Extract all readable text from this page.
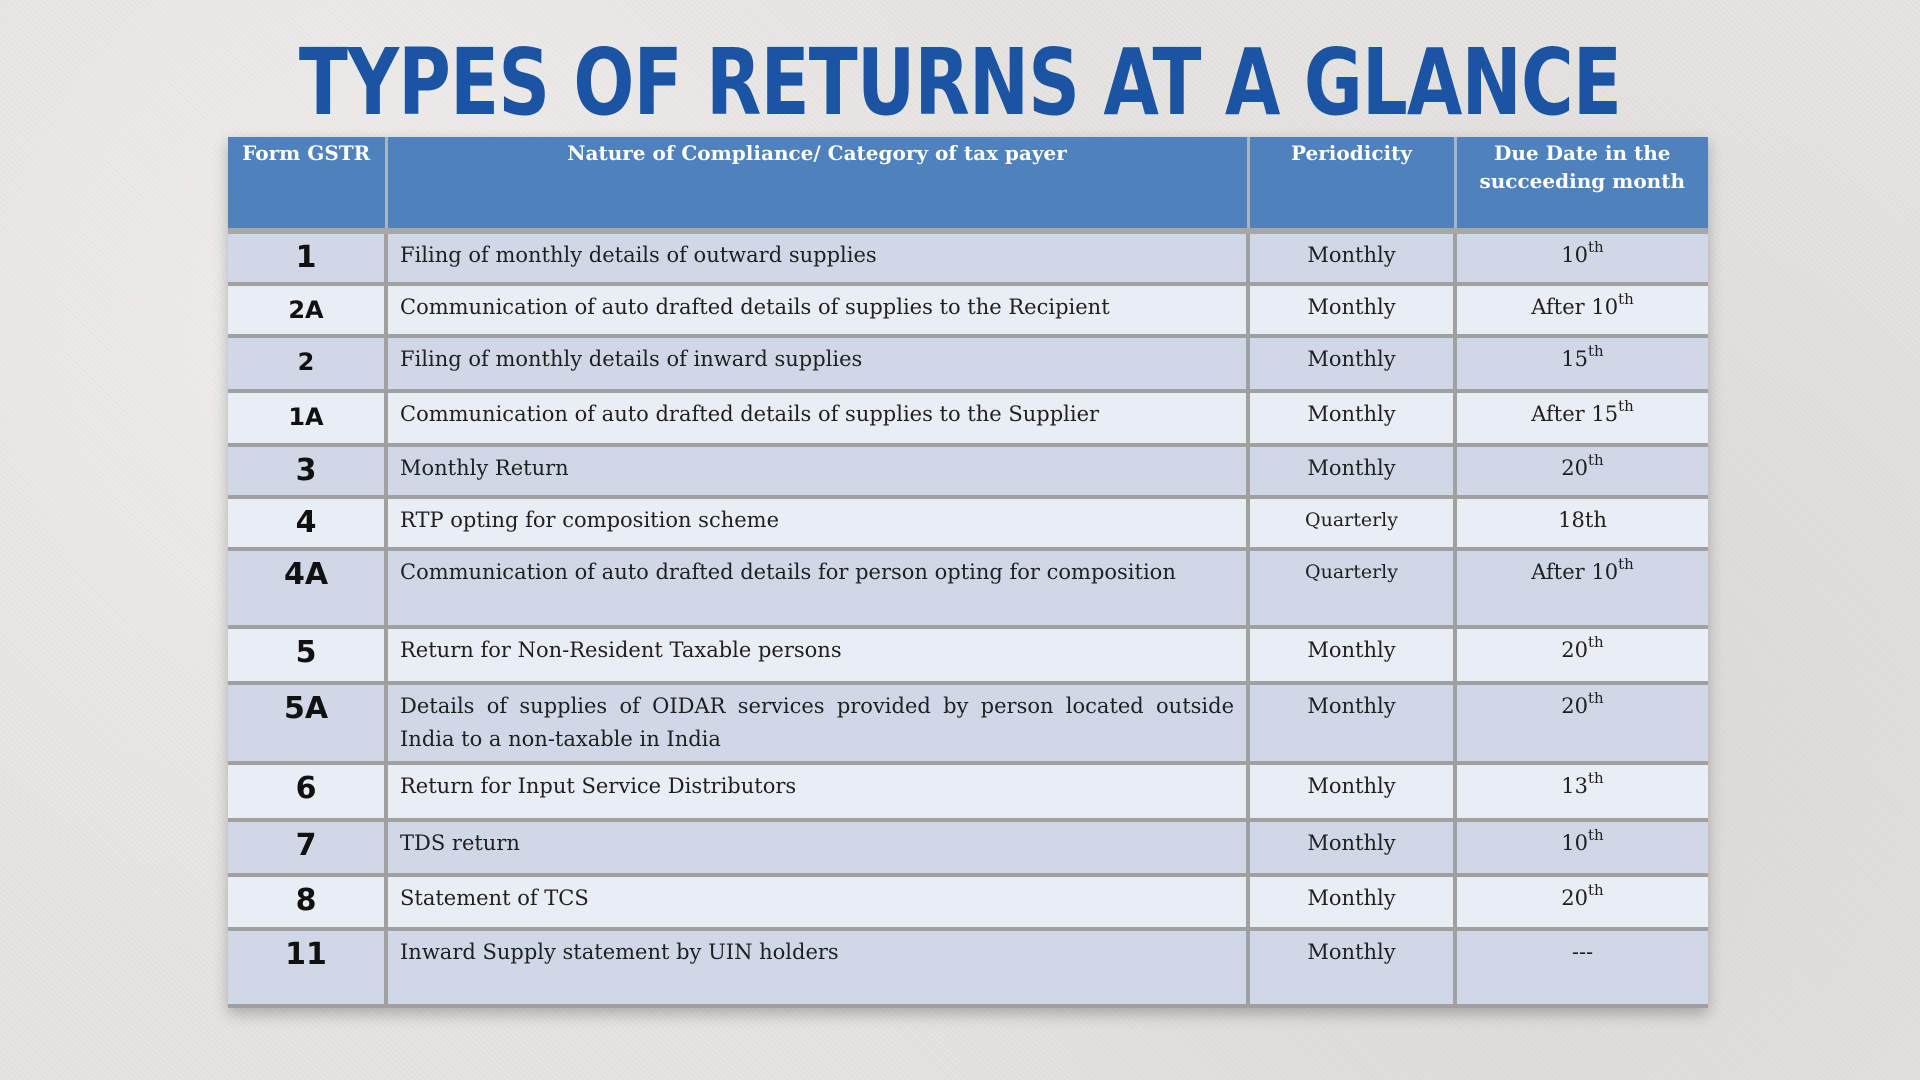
TYPES OF RETURNS AT A GLANCE
Form GSTR	Nature of Compliance/ Category of tax payer	Periodicity	Due Date in the succeeding month
1	Filing of monthly details of outward supplies	Monthly	10th
2A	Communication of auto drafted details of supplies to the Recipient	Monthly	After 10th
2	Filing of monthly details of inward supplies	Monthly	15th
1A	Communication of auto drafted details of supplies to the Supplier	Monthly	After 15th
3	Monthly Return	Monthly	20th
4	RTP opting for composition scheme	Quarterly	18th
4A	Communication of auto drafted details for person opting for composition	Quarterly	After 10th
5	Return for Non-Resident Taxable persons	Monthly	20th
5A	Details of supplies of OIDAR services provided by person located outside India to a non-taxable in India	Monthly	20th
6	Return for Input Service Distributors	Monthly	13th
7	TDS return	Monthly	10th
8	Statement of TCS	Monthly	20th
11	Inward Supply statement by UIN holders	Monthly	---
